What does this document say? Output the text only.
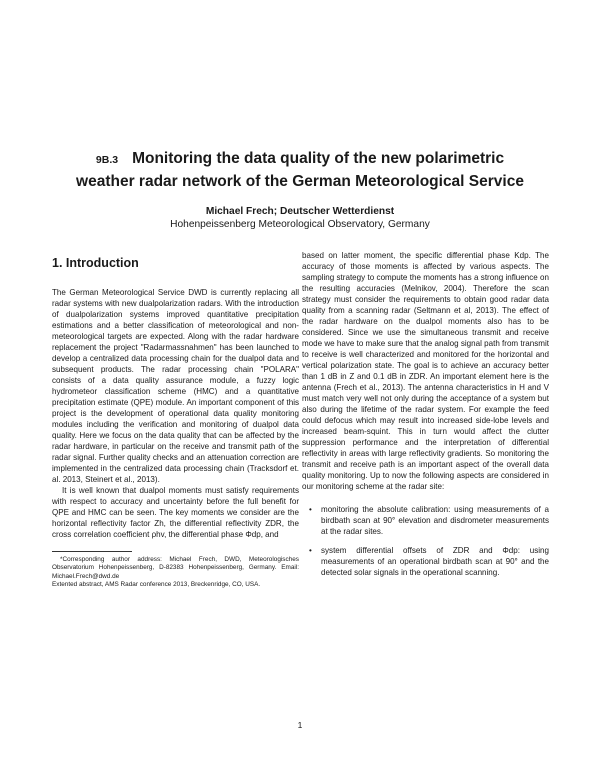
9B.3 Monitoring the data quality of the new polarimetric
weather radar network of the German Meteorological Service
Michael Frech; Deutscher Wetterdienst
Hohenpeissenberg Meteorological Observatory, Germany
1. Introduction

The German Meteorological Service DWD is currently replacing all radar systems with new dualpolarization radars. With the introduction of dualpolarization systems improved quantitative precipitation estimations and a better classification of meteorological and non-meteorological targets are expected. Along with the radar hardware replacement the project "Radarmassnahmen" has been launched to develop a centralized data processing chain for the dualpol data and subsequent products. The radar processing chain "POLARA" consists of a data quality assurance module, a fuzzy logic hydrometeor classification scheme (HMC) and a quantitative precipitation estimate (QPE) module. An important component of this project is the development of operational data quality monitoring modules including the verification and monitoring of dualpol data quality. Here we focus on the data quality that can be affected by the radar hardware, in particular on the receive and transmit path of the radar signal. Further quality checks and an attenuation correction are implemented in the centralized data processing chain (Tracksdorf et. al. 2013, Steinert et al., 2013).

It is well known that dualpol moments must satisfy requirements with respect to accuracy and uncertainty before the full benefit for QPE and HMC can be seen. The key moments we consider are the horizontal reflectivity factor Zh, the differential reflectivity ZDR, the cross correlation coefficient ρhv, the differential phase Φdp, and

*Corresponding author address: Michael Frech, DWD, Meteorologisches Observatorium Hohenpeissenberg, D-82383 Hohenpeissenberg, Germany. Email: Michael.Frech@dwd.de

Extented abstract, AMS Radar conference 2013, Breckenridge, CO, USA.

based on latter moment, the specific differential phase Kdp. The accuracy of those moments is affected by various aspects. The sampling strategy to compute the moments has a strong influence on the resulting accuracies (Melnikov, 2004). Therefore the scan strategy must consider the requirements to obtain good radar data quality from a scanning radar (Seltmann et al, 2013). The effect of the radar hardware on the dualpol moments also has to be considered. Since we use the simultaneous transmit and receive mode we have to make sure that the analog signal path from transmit to receive is well characterized and monitored for the horizontal and vertical polarization state. The goal is to achieve an accuracy better than 1 dB in Z and 0.1 dB in ZDR. An important element here is the antenna (Frech et al., 2013). The antenna characteristics in H and V must match very well not only during the acceptance of a system but also during the lifetime of the radar system. For example the feed could defocus which may result into increased side-lobe levels and increased beam-squint. This in turn would affect the clutter suppression performance and the interpretation of differential reflectivity in areas with large reflectivity gradients. So monitoring the transmit and receive path is an important aspect of the overall data quality monitoring. Up to now the following aspects are considered in our monitoring scheme at the radar site:

• monitoring the absolute calibration: using measurements of a birdbath scan at 90° elevation and disdrometer measurements at the radar sites.
• system differential offsets of ZDR and Φdp: using measurements of an operational birdbath scan at 90° and the detected solar signals in the operational scanning.
1
